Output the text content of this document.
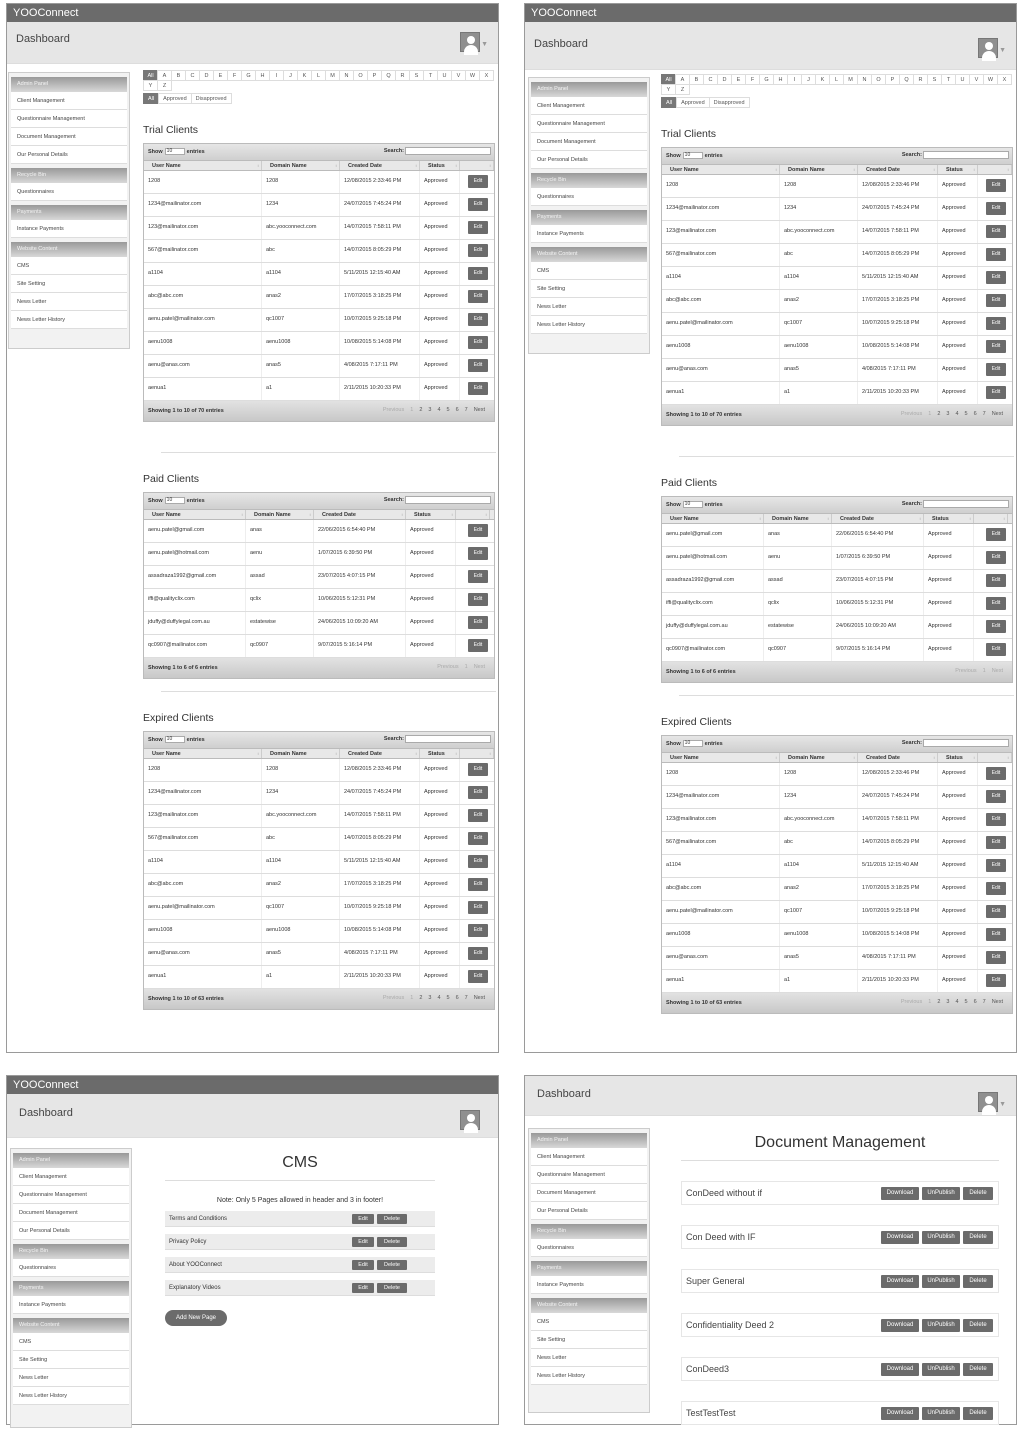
YOOConnect
Dashboard	▼
Admin Panel
Client Management
Questionnaire Management
Document Management
Our Personal Details
Recycle Bin
Questionnaires
Payments
Instance Payments
Website Content
CMS
Site Setting
News Letter
News Letter History
All	A	B	C	D	E	F	G	H	I	J	K	L	M	N	O	P	Q	R	S	T	U	V	W	X
Y	Z
All	Approved	Disapproved
Trial Clients
Show 10	entries	Search:
User Name ↕	Domain Name ↕	Created Date ↕	Status ↕
↕
1208	1208	12/08/2015 2:33:46 PM	Approved	Edit
1234@mailinator.com	1234	24/07/2015 7:45:24 PM	Approved	Edit
123@mailinator.com	abc.yooconnect.com	14/07/2015 7:58:11 PM	Approved	Edit
567@mailinator.com	abc	14/07/2015 8:05:29 PM	Approved	Edit
a1104	a1104	5/11/2015 12:15:40 AM	Approved	Edit
abc@abc.com	anas2	17/07/2015 3:18:25 PM	Approved	Edit
aenu.patel@mailinator.com	qc1007	10/07/2015 9:25:18 PM	Approved	Edit
aenu1008	aenu1008	10/08/2015 5:14:08 PM	Approved	Edit
aenu@anas.com	anas5	4/08/2015 7:17:11 PM	Approved	Edit
aenua1	a1	2/11/2015 10:20:33 PM	Approved	Edit
Showing 1 to 10 of 70 entries	Previous	1	2	3	4	5	6	7	Next
Paid Clients
Show 10	entries	Search:
User Name ↕	Domain Name ↕	Created Date ↕	Status ↕
↕
aenu.patel@gmail.com	anas	22/06/2015 6:54:40 PM	Approved	Edit
aenu.patel@hotmail.com	aenu	1/07/2015 6:39:50 PM	Approved	Edit
assadraza1992@gmail.com	assad	23/07/2015 4:07:15 PM	Approved	Edit
iffi@qualityclix.com	qclix	10/06/2015 5:12:31 PM	Approved	Edit
jduffy@duffylegal.com.au	estatewise	24/06/2015 10:09:20 AM	Approved	Edit
qc0907@mailinator.com	qc0907	9/07/2015 5:16:14 PM	Approved	Edit
Showing 1 to 6 of 6 entries	Previous	1	Next
Expired Clients
Show 10	entries	Search:
User Name ↕	Domain Name ↕	Created Date ↕	Status ↕
↕
1208	1208	12/08/2015 2:33:46 PM	Approved	Edit
1234@mailinator.com	1234	24/07/2015 7:45:24 PM	Approved	Edit
123@mailinator.com	abc.yooconnect.com	14/07/2015 7:58:11 PM	Approved	Edit
567@mailinator.com	abc	14/07/2015 8:05:29 PM	Approved	Edit
a1104	a1104	5/11/2015 12:15:40 AM	Approved	Edit
abc@abc.com	anas2	17/07/2015 3:18:25 PM	Approved	Edit
aenu.patel@mailinator.com	qc1007	10/07/2015 9:25:18 PM	Approved	Edit
aenu1008	aenu1008	10/08/2015 5:14:08 PM	Approved	Edit
aenu@anas.com	anas5	4/08/2015 7:17:11 PM	Approved	Edit
aenua1	a1	2/11/2015 10:20:33 PM	Approved	Edit
Showing 1 to 10 of 63 entries	Previous	1	2	3	4	5	6	7	Next
YOOConnect
Dashboard
▼
Admin Panel
Client Management
Questionnaire Management
Document Management
Our Personal Details
Recycle Bin
Questionnaires
Payments
Instance Payments
Website Content
CMS
Site Setting
News Letter
News Letter History
All	A	B	C	D	E	F	G	H	I	J	K	L	M	N	O	P	Q	R	S	T	U	V	W	X
Y	Z
All	Approved	Disapproved
Trial Clients
Show 10	entries	Search:
User Name ↕	Domain Name ↕	Created Date ↕	Status ↕
↕
1208	1208	12/08/2015 2:33:46 PM	Approved	Edit
1234@mailinator.com	1234	24/07/2015 7:45:24 PM	Approved	Edit
123@mailinator.com	abc.yooconnect.com	14/07/2015 7:58:11 PM	Approved	Edit
567@mailinator.com	abc	14/07/2015 8:05:29 PM	Approved	Edit
a1104	a1104	5/11/2015 12:15:40 AM	Approved	Edit
abc@abc.com	anas2	17/07/2015 3:18:25 PM	Approved	Edit
aenu.patel@mailinator.com	qc1007	10/07/2015 9:25:18 PM	Approved	Edit
aenu1008	aenu1008	10/08/2015 5:14:08 PM	Approved	Edit
aenu@anas.com	anas5	4/08/2015 7:17:11 PM	Approved	Edit
aenua1	a1	2/11/2015 10:20:33 PM	Approved	Edit
Showing 1 to 10 of 70 entries	Previous	1	2	3	4	5	6	7	Next
Paid Clients
Show 10	entries	Search:
User Name ↕	Domain Name ↕	Created Date ↕	Status ↕
↕
aenu.patel@gmail.com	anas	22/06/2015 6:54:40 PM	Approved	Edit
aenu.patel@hotmail.com	aenu	1/07/2015 6:39:50 PM	Approved	Edit
assadraza1992@gmail.com	assad	23/07/2015 4:07:15 PM	Approved	Edit
iffi@qualityclix.com	qclix	10/06/2015 5:12:31 PM	Approved	Edit
jduffy@duffylegal.com.au	estatewise	24/06/2015 10:09:20 AM	Approved	Edit
qc0907@mailinator.com	qc0907	9/07/2015 5:16:14 PM	Approved	Edit
Showing 1 to 6 of 6 entries	Previous	1	Next
Expired Clients
Show 10	entries	Search:
User Name ↕	Domain Name ↕	Created Date ↕	Status ↕
↕
1208	1208	12/08/2015 2:33:46 PM	Approved	Edit
1234@mailinator.com	1234	24/07/2015 7:45:24 PM	Approved	Edit
123@mailinator.com	abc.yooconnect.com	14/07/2015 7:58:11 PM	Approved	Edit
567@mailinator.com	abc	14/07/2015 8:05:29 PM	Approved	Edit
a1104	a1104	5/11/2015 12:15:40 AM	Approved	Edit
abc@abc.com	anas2	17/07/2015 3:18:25 PM	Approved	Edit
aenu.patel@mailinator.com	qc1007	10/07/2015 9:25:18 PM	Approved	Edit
aenu1008	aenu1008	10/08/2015 5:14:08 PM	Approved	Edit
aenu@anas.com	anas5	4/08/2015 7:17:11 PM	Approved	Edit
aenua1	a1	2/11/2015 10:20:33 PM	Approved	Edit
Showing 1 to 10 of 63 entries	Previous	1	2	3	4	5	6	7	Next
YOOConnect
Dashboard
Admin Panel
Client Management
Questionnaire Management
Document Management
Our Personal Details
Recycle Bin
Questionnaires
Payments
Instance Payments
Website Content
CMS
Site Setting
News Letter
News Letter History
CMS
Note: Only 5 Pages allowed in header and 3 in footer!
Terms and Conditions	Edit	Delete
Privacy Policy	Edit	Delete
About YOOConnect	Edit	Delete
Explanatory Videos	Edit	Delete
Add New Page
Dashboard
▼
Admin Panel
Client Management
Questionnaire Management
Document Management
Our Personal Details
Recycle Bin
Questionnaires
Payments
Instance Payments
Website Content
CMS
Site Setting
News Letter
News Letter History
Document Management
ConDeed without if	Download	UnPublish	Delete
Con Deed with IF	Download	UnPublish	Delete
Super General	Download	UnPublish	Delete
Confidentiality Deed 2	Download	UnPublish	Delete
ConDeed3	Download	UnPublish	Delete
TestTestTest	Download	UnPublish	Delete
